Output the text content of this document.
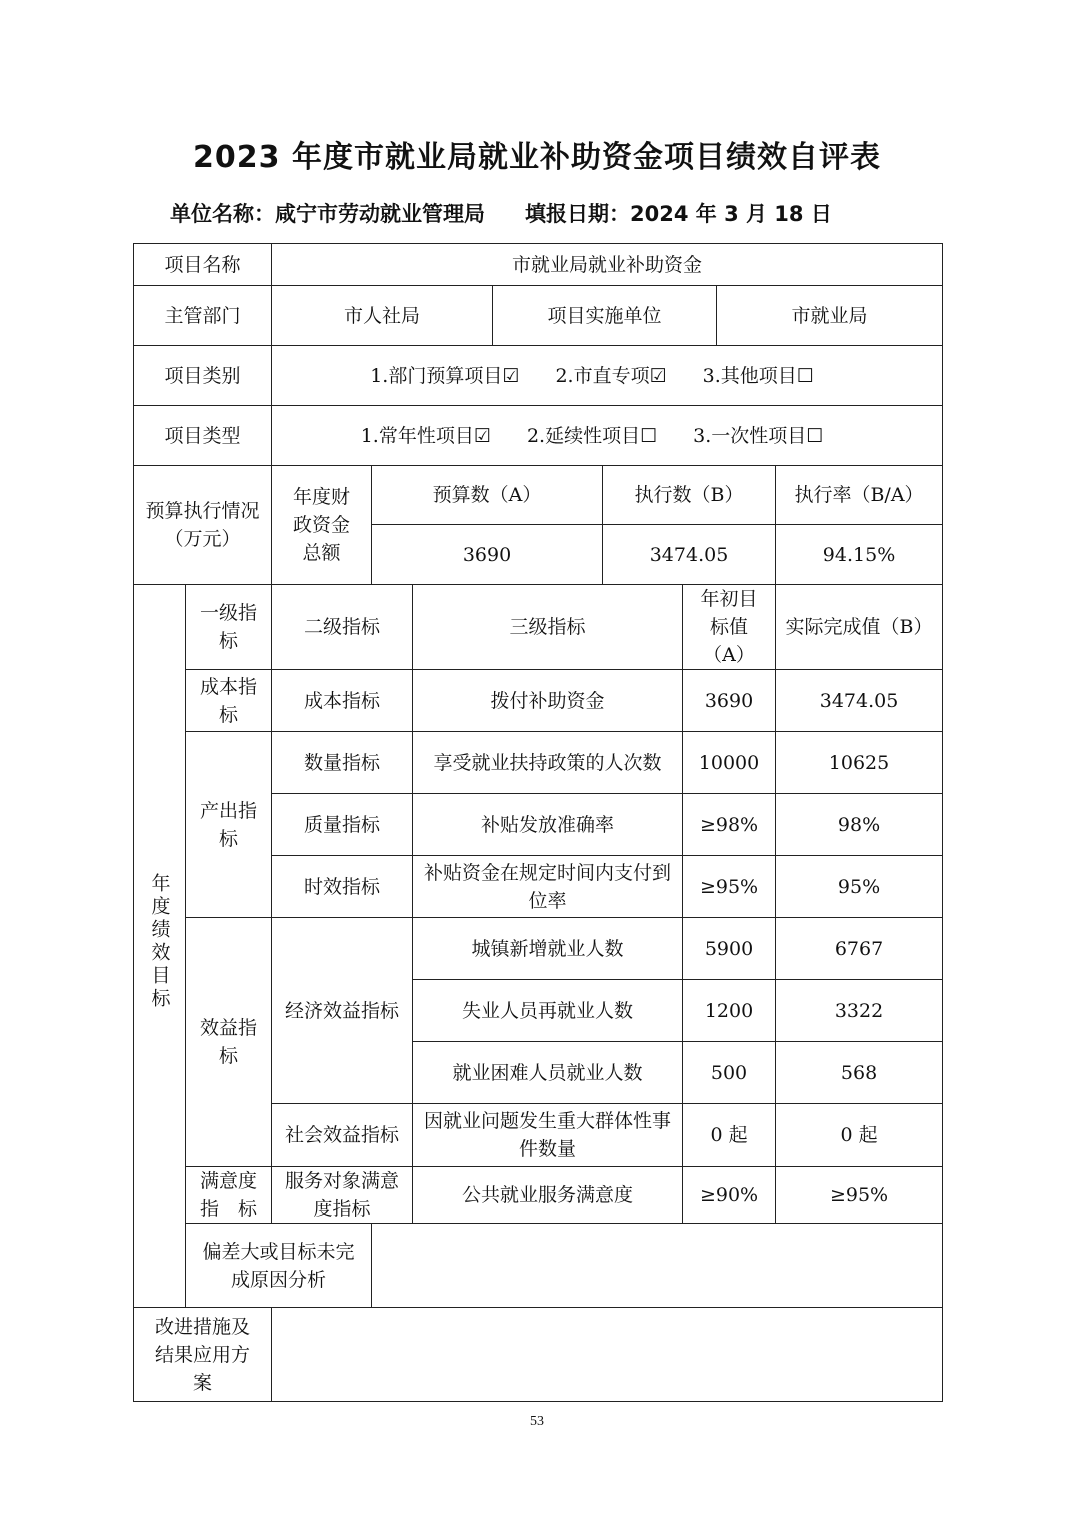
2023 年度市就业局就业补助资金项目绩效自评表
单位名称：咸宁市劳动就业管理局 填报日期：2024 年 3 月 18 日
项目名称		市就业局就业补助资金							
主管部门		市人社局			项目实施单位			市就业局	
项目类别		1.部门预算项目☑ 2.市直专项☑ 3.其他项目☐							
项目类型		1.常年性项目☑ 2.延续性项目☐ 3.一次性项目☐							
预算执行情况（万元）		年度财政资金总额	预算数（A）			执行数（B）			执行率（B/A）
			3690			3474.05			94.15%
年度绩效目标	一级指标	二级指标		三级指标			年初目标值（A）		实际完成值（B）
	成本指标	成本指标		拨付补助资金			3690		3474.05
	产出指标	数量指标		享受就业扶持政策的人次数			10000		10625
		质量指标		补贴发放准确率			≥98%		98%
		时效指标		补贴资金在规定时间内支付到位率			≥95%		95%
	效益指标	经济效益指标		城镇新增就业人数			5900		6767
				失业人员再就业人数			1200		3322
				就业困难人员就业人数			500		568
		社会效益指标		因就业问题发生重大群体性事件数量			0 起		0 起
	满意度指　标	服务对象满意度指标		公共就业服务满意度			≥90%		≥95%
	偏差大或目标未完成原因分析								
改进措施及结果应用方案									
53
